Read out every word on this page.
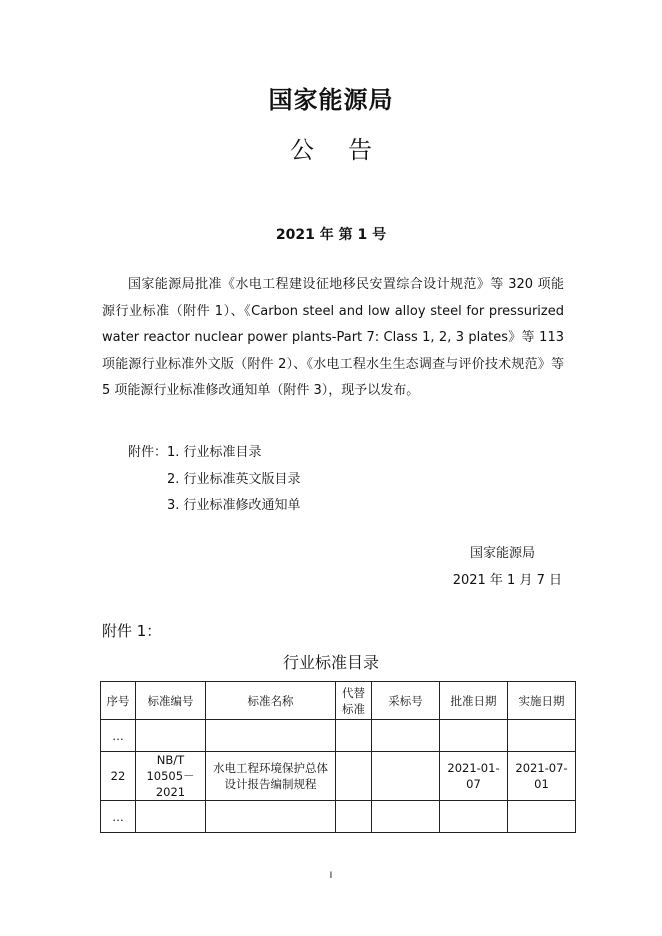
国家能源局
公 告
2021 年 第 1 号
国家能源局批准《水电工程建设征地移民安置综合设计规范》等 320 项能源行业标准（附件 1）、《Carbon steel and low alloy steel for pressurized water reactor nuclear power plants-Part 7: Class 1, 2, 3 plates》等 113 项能源行业标准外文版（附件 2）、《水电工程水生生态调查与评价技术规范》等 5 项能源行业标准修改通知单（附件 3），现予以发布。
附件：1. 行业标准目录
2. 行业标准英文版目录
3. 行业标准修改通知单
国家能源局
2021 年 1 月 7 日
附件 1：
行业标准目录
序号	标准编号	标准名称	代替标准	采标号	批准日期	实施日期
…						
22	NB/T 10505－2021	水电工程环境保护总体设计报告编制规程			2021-01-07	2021-07-01
…						
I
